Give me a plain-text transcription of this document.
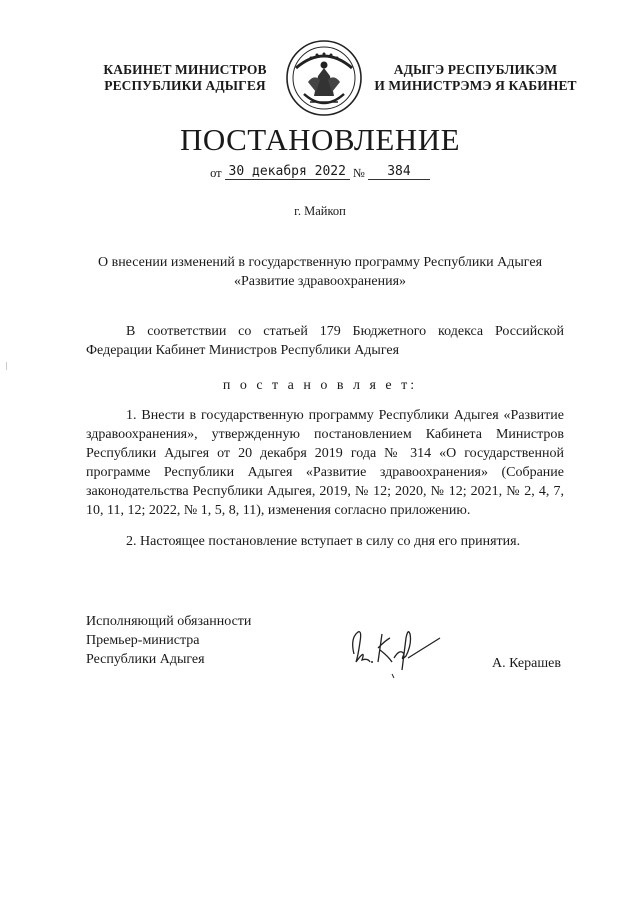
КАБИНЕТ МИНИСТРОВ
РЕСПУБЛИКИ АДЫГЕЯ
АДЫГЭ РЕСПУБЛИКЭМ
И МИНИСТРЭМЭ Я КАБИНЕТ
ПОСТАНОВЛЕНИЕ
от 30 декабря 2022 № 384
г. Майкоп
О внесении изменений в государственную программу Республики Адыгея
«Развитие здравоохранения»
В соответствии со статьей 179 Бюджетного кодекса Российской Федерации Кабинет Министров Республики Адыгея
п о с т а н о в л я е т:
1. Внести в государственную программу Республики Адыгея «Развитие здравоохранения», утвержденную постановлением Кабинета Министров Республики Адыгея от 20 декабря 2019 года № 314 «О государственной программе Республики Адыгея «Развитие здравоохранения» (Собрание законодательства Республики Адыгея, 2019, № 12; 2020, № 12; 2021, № 2, 4, 7, 10, 11, 12; 2022, № 1, 5, 8, 11), изменения согласно приложению.
2. Настоящее постановление вступает в силу со дня его принятия.
Исполняющий обязанности
Премьер-министра
Республики Адыгея	А. Керашев
